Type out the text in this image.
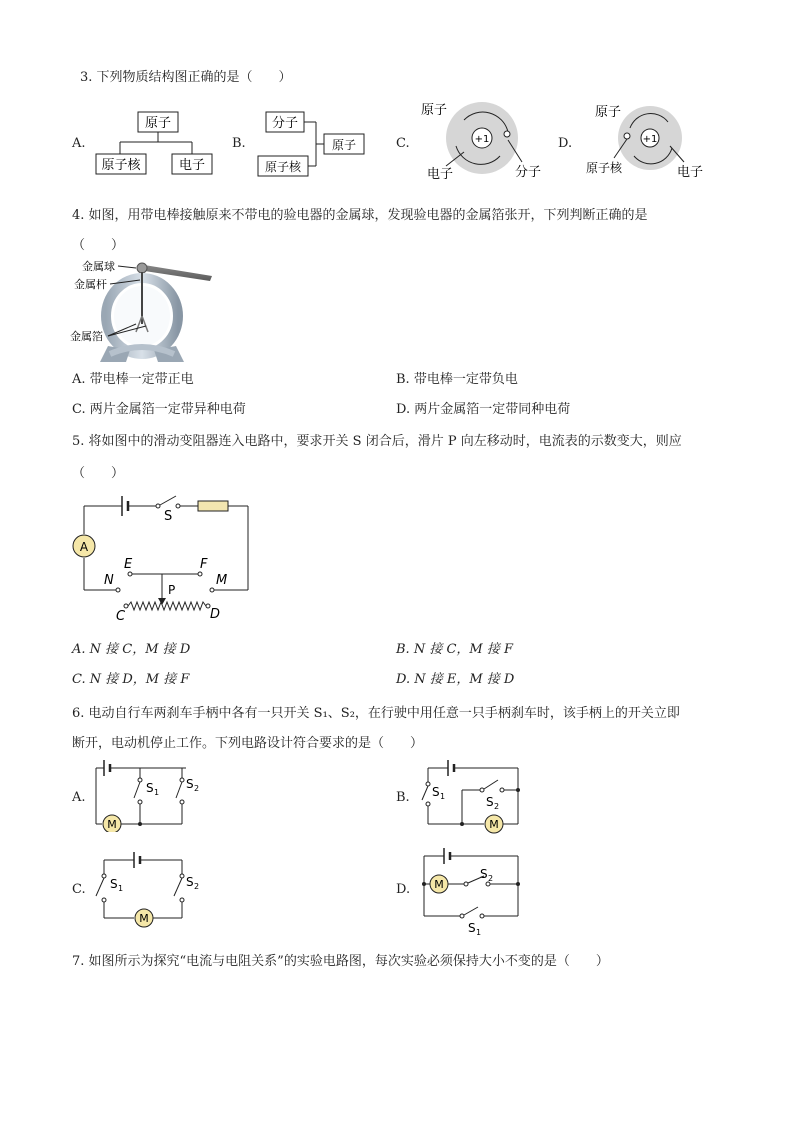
3. 下列物质结构图正确的是（　　）
A.
原子
原子核	电子
B.
分子
原子核
原子	C.
原子
+1
电子	分子
D.
原子
+1
原子核	电子
4. 如图，用带电棒接触原来不带电的验电器的金属球，发现验电器的金属箔张开，下列判断正确的是
（　　）
金属球
金属杆
金属箔
A. 带电棒一定带正电	B. 带电棒一定带负电
C. 两片金属箔一定带异种电荷	D. 两片金属箔一定带同种电荷
5. 将如图中的滑动变阻器连入电路中，要求开关 S 闭合后，滑片 P 向左移动时，电流表的示数变大，则应
（　　）
S
A
N	M
E	F
P
C	D
A. N 接 C，M 接 D	B. N 接 C，M 接 F
C. N 接 D，M 接 F	D. N 接 E，M 接 D
6. 电动自行车两刹车手柄中各有一只开关 S₁、S₂，在行驶中用任意一只手柄刹车时，该手柄上的开关立即
断开，电动机停止工作。下列电路设计符合要求的是（　　）
A.
M
S 1
S 2
B. S 1
M
S 2
C. S 1	S 2
M
D. M
S 2
S 1
7. 如图所示为探究“电流与电阻关系”的实验电路图，每次实验必须保持大小不变的是（　　）
